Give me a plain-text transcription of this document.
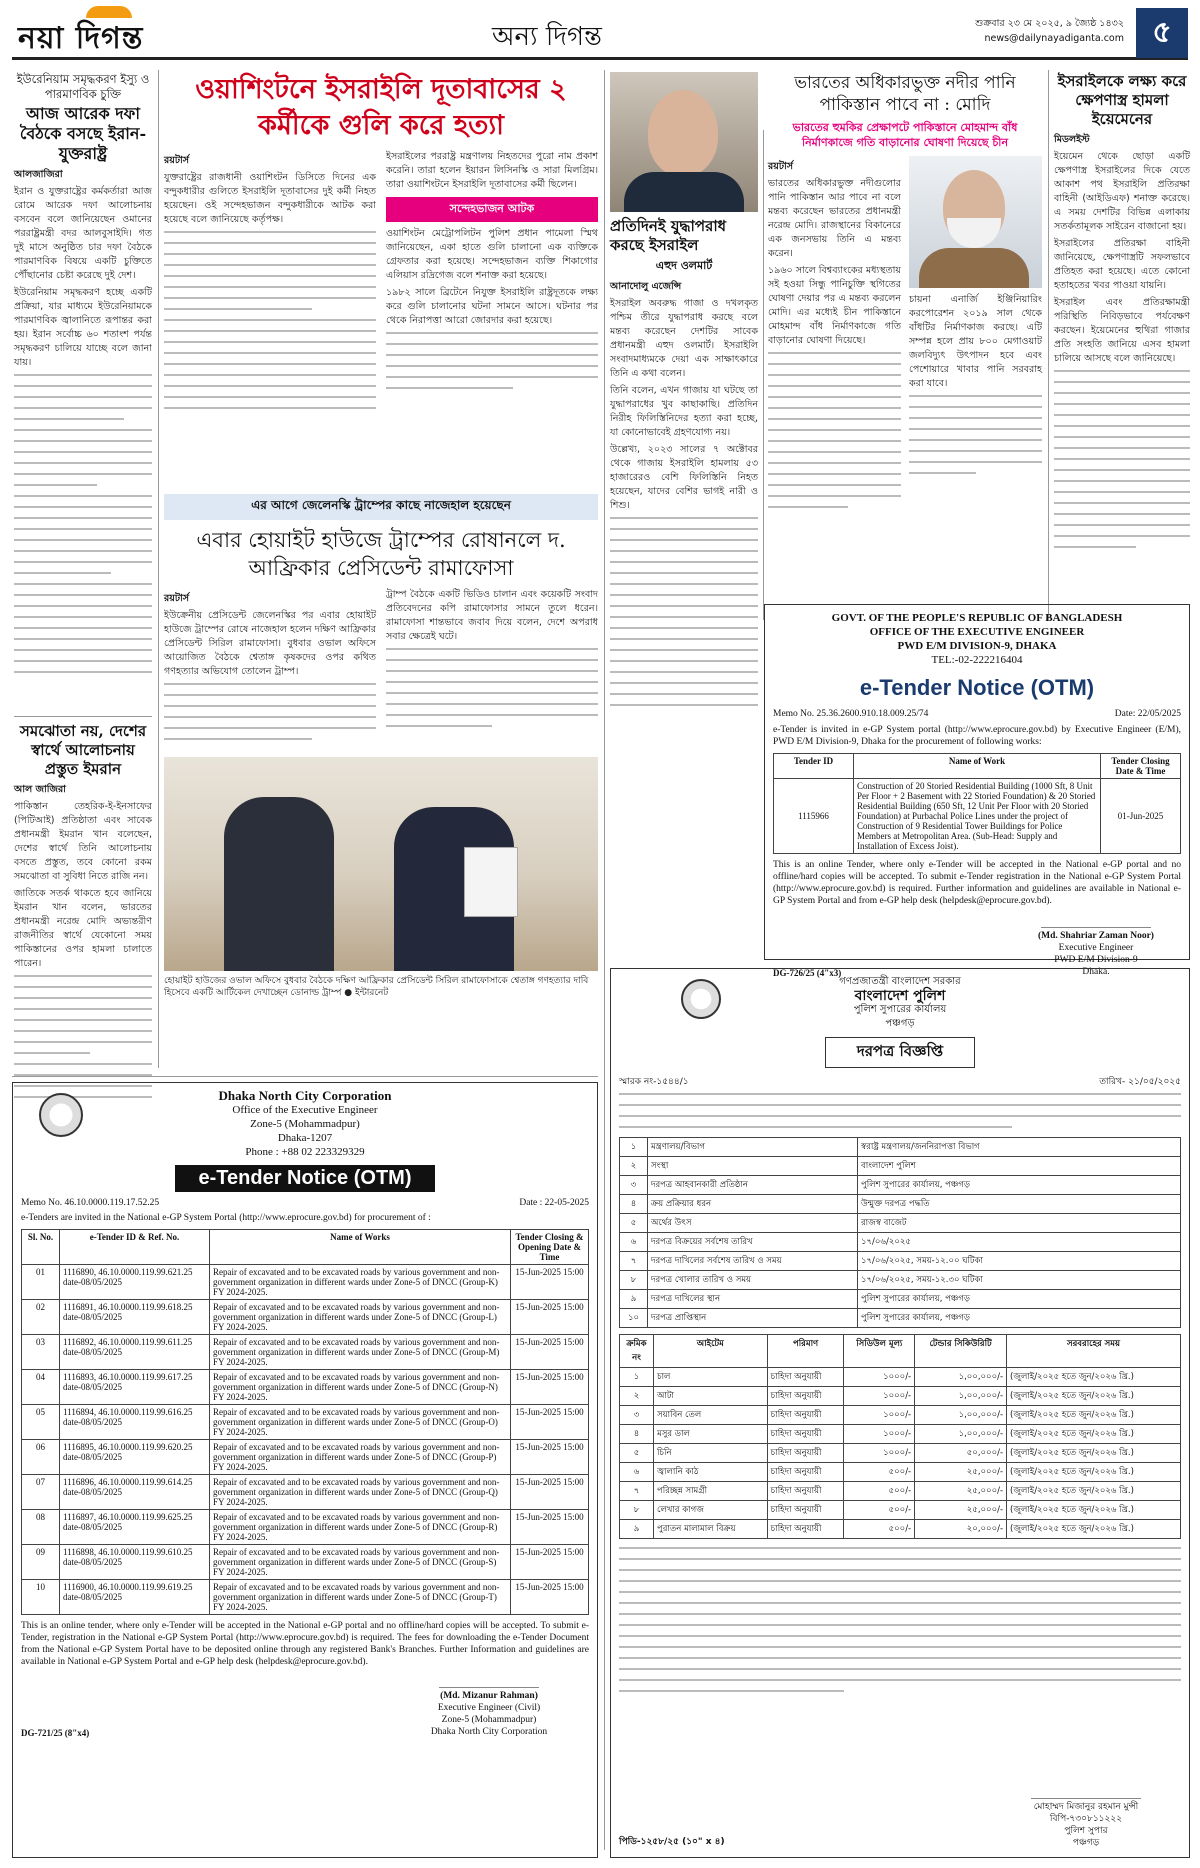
নয়া দিগন্ত	অন্য দিগন্ত	শুক্রবার ২৩ মে ২০২৫, ৯ জ্যৈষ্ঠ ১৪৩২
news@dailynayadiganta.com ৫
ইউরেনিয়াম সমৃদ্ধকরণ ইস্যু ও পারমাণবিক চুক্তি
আজ আরেক দফা বৈঠকে বসছে ইরান-যুক্তরাষ্ট্র
আলজাজিরা
ইরান ও যুক্তরাষ্ট্রের কর্মকর্তারা আজ রোমে আরেক দফা আলোচনায় বসবেন বলে জানিয়েছেন ওমানের পররাষ্ট্রমন্ত্রী বদর আলবুসাইদি। গত দুই মাসে অনুষ্ঠিত চার দফা বৈঠকে পারমাণবিক বিষয়ে একটি চুক্তিতে পৌঁছানোর চেষ্টা করেছে দুই দেশ।
ইউরেনিয়াম সমৃদ্ধকরণ হচ্ছে একটি প্রক্রিয়া, যার মাধ্যমে ইউরেনিয়ামকে পারমাণবিক জ্বালানিতে রূপান্তর করা হয়। ইরান সর্বোচ্চ ৬০ শতাংশ পর্যন্ত সমৃদ্ধকরণ চালিয়ে যাচ্ছে বলে জানা যায়।
সমঝোতা নয়, দেশের স্বার্থে আলোচনায় প্রস্তুত ইমরান
আল জাজিরা
পাকিস্তান তেহরিক-ই-ইনসাফের (পিটিআই) প্রতিষ্ঠাতা এবং সাবেক প্রধানমন্ত্রী ইমরান খান বলেছেন, দেশের স্বার্থে তিনি আলোচনায় বসতে প্রস্তুত, তবে কোনো রকম সমঝোতা বা সুবিধা নিতে রাজি নন।
জাতিকে সতর্ক থাকতে হবে জানিয়ে ইমরান খান বলেন, ভারতের প্রধানমন্ত্রী নরেন্দ্র মোদি অভ্যন্তরীণ রাজনীতির স্বার্থে যেকোনো সময় পাকিস্তানের ওপর হামলা চালাতে পারেন।
ওয়াশিংটনে ইসরাইলি দূতাবাসের ২ কর্মীকে গুলি করে হত্যা
রয়টার্স
যুক্তরাষ্ট্রের রাজধানী ওয়াশিংটন ডিসিতে দিনের এক বন্দুকধারীর গুলিতে ইসরাইলি দূতাবাসের দুই কর্মী নিহত হয়েছেন। ওই সন্দেহভাজন বন্দুকধারীকে আটক করা হয়েছে বলে জানিয়েছে কর্তৃপক্ষ।
ইসরাইলের পররাষ্ট্র মন্ত্রণালয় নিহতদের পুরো নাম প্রকাশ করেনি। তারা হলেন ইয়ারন লিসিনস্কি ও সারা মিলগ্রিম। তারা ওয়াশিংটনে ইসরাইলি দূতাবাসের কর্মী ছিলেন।
সন্দেহভাজন আটক
ওয়াশিংটন মেট্রোপলিটন পুলিশ প্রধান পামেলা স্মিথ জানিয়েছেন, একা হাতে গুলি চালানো এক ব্যক্তিকে গ্রেফতার করা হয়েছে। সন্দেহভাজন ব্যক্তি শিকাগোর এলিয়াস রদ্রিগেজ বলে শনাক্ত করা হয়েছে।
১৯৮২ সালে ব্রিটেনে নিযুক্ত ইসরাইলি রাষ্ট্রদূতকে লক্ষ্য করে গুলি চালানোর ঘটনা সামনে আসে। ঘটনার পর থেকে নিরাপত্তা আরো জোরদার করা হয়েছে।
এর আগে জেলেনস্কি ট্রাম্পের কাছে নাজেহাল হয়েছেন
এবার হোয়াইট হাউজে ট্রাম্পের রোষানলে দ. আফ্রিকার প্রেসিডেন্ট রামাফোসা
রয়টার্স
ইউক্রেনীয় প্রেসিডেন্ট জেলেনস্কির পর এবার হোয়াইট হাউজে ট্রাম্পের রোষে নাজেহাল হলেন দক্ষিণ আফ্রিকার প্রেসিডেন্ট সিরিল রামাফোসা। বুধবার ওভাল অফিসে আয়োজিত বৈঠকে শ্বেতাঙ্গ কৃষকদের ওপর কথিত গণহত্যার অভিযোগ তোলেন ট্রাম্প।
ট্রাম্প বৈঠকে একটি ভিডিও চালান এবং কয়েকটি সংবাদ প্রতিবেদনের কপি রামাফোসার সামনে তুলে ধরেন। রামাফোসা শান্তভাবে জবাব দিয়ে বলেন, দেশে অপরাধ সবার ক্ষেত্রেই ঘটে।
হোয়াইট হাউজের ওভাল অফিসে বুধবার বৈঠকে দক্ষিণ আফ্রিকার প্রেসিডেন্ট সিরিল রামাফোসাকে শ্বেতাঙ্গ গণহত্যার দাবি হিসেবে একটি আর্টিকেল দেখাচ্ছেন ডোনাল্ড ট্রাম্প ● ইন্টারনেট
প্রতিদিনই যুদ্ধাপরাধ করছে ইসরাইল
এহুদ ওলমার্ট
আনাদোলু এজেন্সি
ইসরাইল অবরুদ্ধ গাজা ও দখলকৃত পশ্চিম তীরে যুদ্ধাপরাধ করছে বলে মন্তব্য করেছেন দেশটির সাবেক প্রধানমন্ত্রী এহুদ ওলমার্ট। ইসরাইলি সংবাদমাধ্যমকে দেয়া এক সাক্ষাৎকারে তিনি এ কথা বলেন।
তিনি বলেন, এখন গাজায় যা ঘটছে তা যুদ্ধাপরাধের খুব কাছাকাছি। প্রতিদিন নিরীহ ফিলিস্তিনিদের হত্যা করা হচ্ছে, যা কোনোভাবেই গ্রহণযোগ্য নয়।
উল্লেখ্য, ২০২৩ সালের ৭ অক্টোবর থেকে গাজায় ইসরাইলি হামলায় ৫৩ হাজারেরও বেশি ফিলিস্তিনি নিহত হয়েছেন, যাদের বেশির ভাগই নারী ও শিশু।
ভারতের অধিকারভুক্ত নদীর পানি পাকিস্তান পাবে না : মোদি
ভারতের হুমকির প্রেক্ষাপটে পাকিস্তানে মোহমান্দ বাঁধ নির্মাণকাজে গতি বাড়ানোর ঘোষণা দিয়েছে চীন
রয়টার্স
ভারতের অধিকারভুক্ত নদীগুলোর পানি পাকিস্তান আর পাবে না বলে মন্তব্য করেছেন ভারতের প্রধানমন্ত্রী নরেন্দ্র মোদি। রাজস্থানের বিকানেরে এক জনসভায় তিনি এ মন্তব্য করেন।
১৯৬০ সালে বিশ্বব্যাংকের মধ্যস্থতায় সই হওয়া সিন্ধু পানিচুক্তি স্থগিতের ঘোষণা দেয়ার পর এ মন্তব্য করলেন মোদি। এর মধ্যেই চীন পাকিস্তানে মোহমান্দ বাঁধ নির্মাণকাজে গতি বাড়ানোর ঘোষণা দিয়েছে।
চায়না এনার্জি ইঞ্জিনিয়ারিং করপোরেশন ২০১৯ সাল থেকে বাঁধটির নির্মাণকাজ করছে। এটি সম্পন্ন হলে প্রায় ৮০০ মেগাওয়াট জলবিদ্যুৎ উৎপাদন হবে এবং পেশোয়ারে খাবার পানি সরবরাহ করা যাবে।
ইসরাইলকে লক্ষ্য করে ক্ষেপণাস্ত্র হামলা ইয়েমেনের
মিডলইস্ট
ইয়েমেন থেকে ছোড়া একটি ক্ষেপণাস্ত্র ইসরাইলের দিকে যেতে আকাশ পথ ইসরাইলি প্রতিরক্ষা বাহিনী (আইডিএফ) শনাক্ত করেছে। এ সময় দেশটির বিভিন্ন এলাকায় সতর্কতামূলক সাইরেন বাজানো হয়।
ইসরাইলের প্রতিরক্ষা বাহিনী জানিয়েছে, ক্ষেপণাস্ত্রটি সফলভাবে প্রতিহত করা হয়েছে। এতে কোনো হতাহতের খবর পাওয়া যায়নি।
ইসরাইল এবং প্রতিরক্ষামন্ত্রী পরিস্থিতি নিবিড়ভাবে পর্যবেক্ষণ করছেন। ইয়েমেনের হুথিরা গাজার প্রতি সংহতি জানিয়ে এসব হামলা চালিয়ে আসছে বলে জানিয়েছে।
GOVT. OF THE PEOPLE'S REPUBLIC OF BANGLADESH
OFFICE OF THE EXECUTIVE ENGINEER
PWD E/M DIVISION-9, DHAKA
TEL:-02-222216404
e-Tender Notice (OTM)
Memo No. 25.36.2600.910.18.009.25/74	Date: 22/05/2025
e-Tender is invited in e-GP System portal (http://www.eprocure.gov.bd) by Executive Engineer (E/M), PWD E/M Division-9, Dhaka for the procurement of following works:
Tender ID	Name of Work	Tender Closing Date & Time
1115966	Construction of 20 Storied Residential Building (1000 Sft, 8 Unit Per Floor + 2 Basement with 22 Storied Foundation) & 20 Storied Residential Building (650 Sft, 12 Unit Per Floor with 20 Storied Foundation) at Purbachal Police Lines under the project of Construction of 9 Residential Tower Buildings for Police Members at Metropolitan Area. (Sub-Head: Supply and Installation of Excess Joist).	01-Jun-2025
This is an online Tender, where only e-Tender will be accepted in the National e-GP portal and no offline/hard copies will be accepted. To submit e-Tender registration in the National e-GP System Portal (http://www.eprocure.gov.bd) is required. Further information and guidelines are available in National e-GP System Portal and from e-GP help desk (helpdesk@eprocure.gov.bd).
DG-726/25 (4"x3)
(Md. Shahriar Zaman Noor)
Executive Engineer
PWD E/M Division-9
Dhaka.
Dhaka North City Corporation
Office of the Executive Engineer
Zone-5 (Mohammadpur)
Dhaka-1207
Phone : +88 02 223329329
e-Tender Notice (OTM)
Memo No. 46.10.0000.119.17.52.25	Date : 22-05-2025
e-Tenders are invited in the National e-GP System Portal (http://www.eprocure.gov.bd) for procurement of :
Sl. No.	e-Tender ID & Ref. No.	Name of Works	Tender Closing & Opening Date & Time
01	1116890, 46.10.0000.119.99.621.25 date-08/05/2025	Repair of excavated and to be excavated roads by various government and non-government organization in different wards under Zone-5 of DNCC (Group-K) FY 2024-2025.	15-Jun-2025 15:00
02	1116891, 46.10.0000.119.99.618.25 date-08/05/2025	Repair of excavated and to be excavated roads by various government and non-government organization in different wards under Zone-5 of DNCC (Group-L) FY 2024-2025.	15-Jun-2025 15:00
03	1116892, 46.10.0000.119.99.611.25 date-08/05/2025	Repair of excavated and to be excavated roads by various government and non-government organization in different wards under Zone-5 of DNCC (Group-M) FY 2024-2025.	15-Jun-2025 15:00
04	1116893, 46.10.0000.119.99.617.25 date-08/05/2025	Repair of excavated and to be excavated roads by various government and non-government organization in different wards under Zone-5 of DNCC (Group-N) FY 2024-2025.	15-Jun-2025 15:00
05	1116894, 46.10.0000.119.99.616.25 date-08/05/2025	Repair of excavated and to be excavated roads by various government and non-government organization in different wards under Zone-5 of DNCC (Group-O) FY 2024-2025.	15-Jun-2025 15:00
06	1116895, 46.10.0000.119.99.620.25 date-08/05/2025	Repair of excavated and to be excavated roads by various government and non-government organization in different wards under Zone-5 of DNCC (Group-P) FY 2024-2025.	15-Jun-2025 15:00
07	1116896, 46.10.0000.119.99.614.25 date-08/05/2025	Repair of excavated and to be excavated roads by various government and non-government organization in different wards under Zone-5 of DNCC (Group-Q) FY 2024-2025.	15-Jun-2025 15:00
08	1116897, 46.10.0000.119.99.625.25 date-08/05/2025	Repair of excavated and to be excavated roads by various government and non-government organization in different wards under Zone-5 of DNCC (Group-R) FY 2024-2025.	15-Jun-2025 15:00
09	1116898, 46.10.0000.119.99.610.25 date-08/05/2025	Repair of excavated and to be excavated roads by various government and non-government organization in different wards under Zone-5 of DNCC (Group-S) FY 2024-2025.	15-Jun-2025 15:00
10	1116900, 46.10.0000.119.99.619.25 date-08/05/2025	Repair of excavated and to be excavated roads by various government and non-government organization in different wards under Zone-5 of DNCC (Group-T) FY 2024-2025.	15-Jun-2025 15:00
This is an online tender, where only e-Tender will be accepted in the National e-GP portal and no offline/hard copies will be accepted. To submit e-Tender, registration in the National e-GP System Portal (http://www.eprocure.gov.bd) is required. The fees for downloading the e-Tender Document from the National e-GP System Portal have to be deposited online through any registered Bank's Branches. Further Information and guidelines are available in National e-GP System Portal and e-GP help desk (helpdesk@eprocure.gov.bd).
DG-721/25 (8"x4)
(Md. Mizanur Rahman)
Executive Engineer (Civil)
Zone-5 (Mohammadpur)
Dhaka North City Corporation
গণপ্রজাতন্ত্রী বাংলাদেশ সরকার
বাংলাদেশ পুলিশ
পুলিশ সুপারের কার্যালয়
পঞ্চগড়
দরপত্র বিজ্ঞপ্তি
স্মারক নং-১৫৪৪/১	তারিখ- ২১/০৫/২০২৫
১	মন্ত্রণালয়/বিভাগ	স্বরাষ্ট্র মন্ত্রণালয়/জননিরাপত্তা বিভাগ
২	সংস্থা	বাংলাদেশ পুলিশ
৩	দরপত্র আহবানকারী প্রতিষ্ঠান	পুলিশ সুপারের কার্যালয়, পঞ্চগড়
৪	ক্রয় প্রক্রিয়ার ধরন	উন্মুক্ত দরপত্র পদ্ধতি
৫	অর্থের উৎস	রাজস্ব বাজেট
৬	দরপত্র বিক্রয়ের সর্বশেষ তারিখ	১৭/০৬/২০২৫
৭	দরপত্র দাখিলের সর্বশেষ তারিখ ও সময়	১৭/০৬/২০২৫, সময়-১২.০০ ঘটিকা
৮	দরপত্র খোলার তারিখ ও সময়	১৭/০৬/২০২৫, সময়-১২.৩০ ঘটিকা
৯	দরপত্র দাখিলের স্থান	পুলিশ সুপারের কার্যালয়, পঞ্চগড়
১০	দরপত্র প্রাপ্তিস্থান	পুলিশ সুপারের কার্যালয়, পঞ্চগড়
ক্রমিক নং	আইটেম	পরিমাণ	সিডিউল মূল্য	টেন্ডার সিকিউরিটি	সরবরাহের সময়
১	চাল	চাহিদা অনুযায়ী	১০০০/-	১,০০,০০০/-	(জুলাই/২০২৫ হতে জুন/২০২৬ খ্রি.)
২	আটা	চাহিদা অনুযায়ী	১০০০/-	১,০০,০০০/-	(জুলাই/২০২৫ হতে জুন/২০২৬ খ্রি.)
৩	সয়াবিন তেল	চাহিদা অনুযায়ী	১০০০/-	১,০০,০০০/-	(জুলাই/২০২৫ হতে জুন/২০২৬ খ্রি.)
৪	মসুর ডাল	চাহিদা অনুযায়ী	১০০০/-	১,০০,০০০/-	(জুলাই/২০২৫ হতে জুন/২০২৬ খ্রি.)
৫	চিনি	চাহিদা অনুযায়ী	১০০০/-	৫০,০০০/-	(জুলাই/২০২৫ হতে জুন/২০২৬ খ্রি.)
৬	জ্বালানি কাঠ	চাহিদা অনুযায়ী	৫০০/-	২৫,০০০/-	(জুলাই/২০২৫ হতে জুন/২০২৬ খ্রি.)
৭	পরিচ্ছন্ন সামগ্রী	চাহিদা অনুযায়ী	৫০০/-	২৫,০০০/-	(জুলাই/২০২৫ হতে জুন/২০২৬ খ্রি.)
৮	লেখার কাগজ	চাহিদা অনুযায়ী	৫০০/-	২৫,০০০/-	(জুলাই/২০২৫ হতে জুন/২০২৬ খ্রি.)
৯	পুরাতন মালামাল বিক্রয়	চাহিদা অনুযায়ী	৫০০/-	২০,০০০/-	(জুলাই/২০২৫ হতে জুন/২০২৬ খ্রি.)
পিডি-১২৫৮/২৫ (১০" x ৪)
মোহাম্মদ মিজানুর রহমান মুন্সী
বিপি-৭৩০৮১১২২২
পুলিশ সুপার
পঞ্চগড়
